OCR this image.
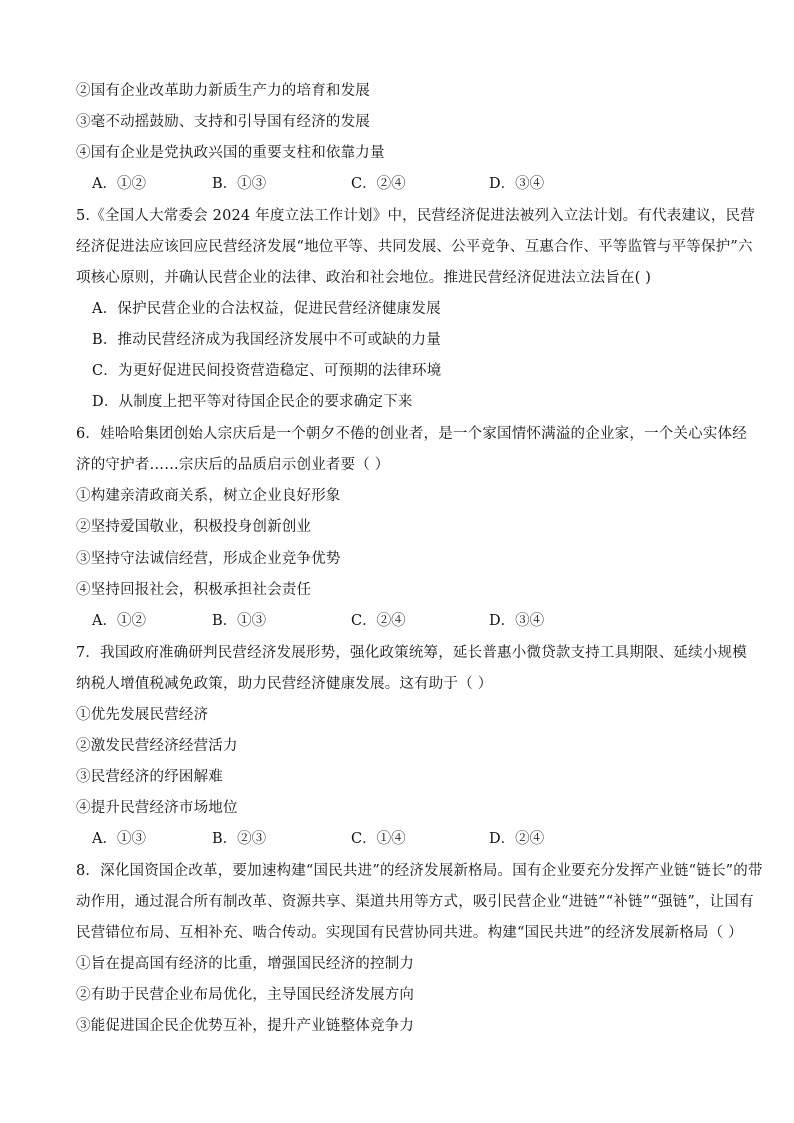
②国有企业改革助力新质生产力的培育和发展
③毫不动摇鼓励、支持和引导国有经济的发展
④国有企业是党执政兴国的重要支柱和依靠力量
A．①②	B．①③	C．②④	D．③④
5.《全国人大常委会 2024 年度立法工作计划》中，民营经济促进法被列入立法计划。有代表建议，民营
经济促进法应该回应民营经济发展“地位平等、共同发展、公平竞争、互惠合作、平等监管与平等保护”六
项核心原则，并确认民营企业的法律、政治和社会地位。推进民营经济促进法立法旨在( )
A．保护民营企业的合法权益，促进民营经济健康发展
B．推动民营经济成为我国经济发展中不可或缺的力量
C．为更好促进民间投资营造稳定、可预期的法律环境
D．从制度上把平等对待国企民企的要求确定下来
6．娃哈哈集团创始人宗庆后是一个朝夕不倦的创业者，是一个家国情怀满溢的企业家，一个关心实体经
济的守护者……宗庆后的品质启示创业者要（ ）
①构建亲清政商关系，树立企业良好形象
②坚持爱国敬业，积极投身创新创业
③坚持守法诚信经营，形成企业竞争优势
④坚持回报社会，积极承担社会责任
A．①②	B．①③	C．②④	D．③④
7．我国政府准确研判民营经济发展形势，强化政策统筹，延长普惠小微贷款支持工具期限、延续小规模
纳税人增值税减免政策，助力民营经济健康发展。这有助于（ ）
①优先发展民营经济
②激发民营经济经营活力
③民营经济的纾困解难
④提升民营经济市场地位
A．①③	B．②③	C．①④	D．②④
8．深化国资国企改革，要加速构建“国民共进”的经济发展新格局。国有企业要充分发挥产业链“链长”的带
动作用，通过混合所有制改革、资源共享、渠道共用等方式，吸引民营企业“进链”“补链”“强链”，让国有
民营错位布局、互相补充、啮合传动。实现国有民营协同共进。构建“国民共进”的经济发展新格局（ ）
①旨在提高国有经济的比重，增强国民经济的控制力
②有助于民营企业布局优化，主导国民经济发展方向
③能促进国企民企优势互补，提升产业链整体竞争力
